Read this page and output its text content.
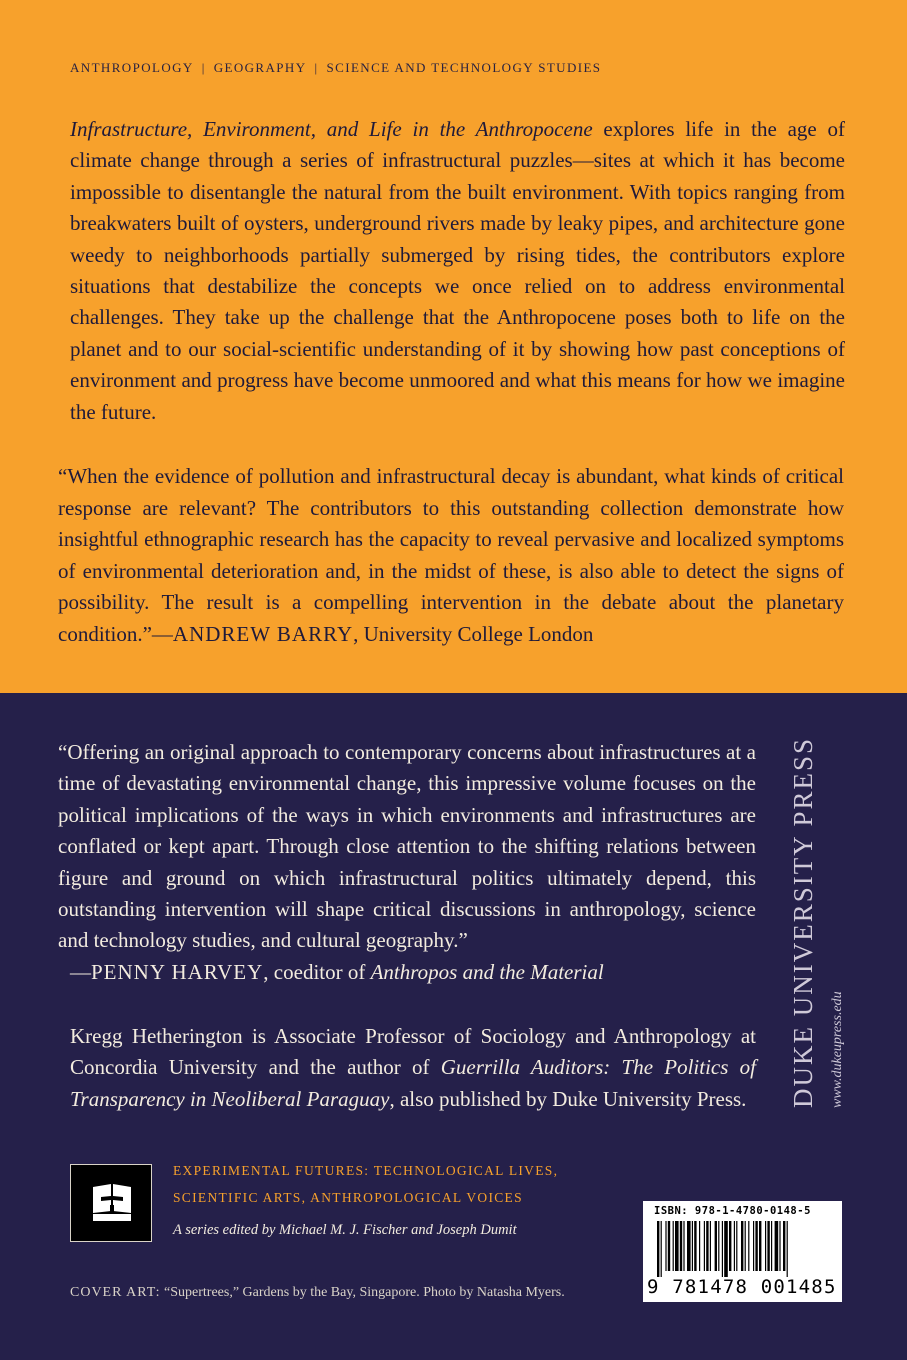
ANTHROPOLOGY | GEOGRAPHY | SCIENCE AND TECHNOLOGY STUDIES

Infrastructure, Environment, and Life in the Anthropocene explores life in the age of climate change through a series of infrastructural puzzles—sites at which it has become impossible to disentangle the natural from the built environment. With topics ranging from breakwaters built of oysters, underground rivers made by leaky pipes, and architecture gone weedy to neighborhoods partially submerged by rising tides, the contributors explore situations that destabilize the concepts we once relied on to address environmental challenges. They take up the challenge that the Anthropocene poses both to life on the planet and to our social-scientific understanding of it by showing how past conceptions of environment and progress have become unmoored and what this means for how we imagine the future.

“When the evidence of pollution and infrastructural decay is abundant, what kinds of critical response are relevant? The contributors to this outstanding collection demonstrate how insightful ethnographic research has the capacity to reveal pervasive and localized symptoms of environmental deterioration and, in the midst of these, is also able to detect the signs of possibility. The result is a compelling intervention in the debate about the planetary condition.”—ANDREW BARRY, University College London

“Offering an original approach to contemporary concerns about infrastructures at a time of devastating environmental change, this impressive volume focuses on the political implications of the ways in which environments and infrastructures are conflated or kept apart. Through close attention to the shifting relations between figure and ground on which infrastructural politics ultimately depend, this outstanding intervention will shape critical discussions in anthropology, science and technology studies, and cultural geography.”
—PENNY HARVEY, coeditor of Anthropos and the Material

Kregg Hetherington is Associate Professor of Sociology and Anthropology at Concordia University and the author of Guerrilla Auditors: The Politics of Transparency in Neoliberal Paraguay, also published by Duke University Press.	DUKE UNIVERSITY PRESS www.dukeupress.edu

EXPERIMENTAL FUTURES: TECHNOLOGICAL LIVES,
SCIENTIFIC ARTS, ANTHROPOLOGICAL VOICES

A series edited by Michael M. J. Fischer and Joseph Dumit
COVER ART: “Supertrees,” Gardens by the Bay, Singapore. Photo by Natasha Myers.
ISBN: 978-1-4780-0148-5
9 781478 001485
